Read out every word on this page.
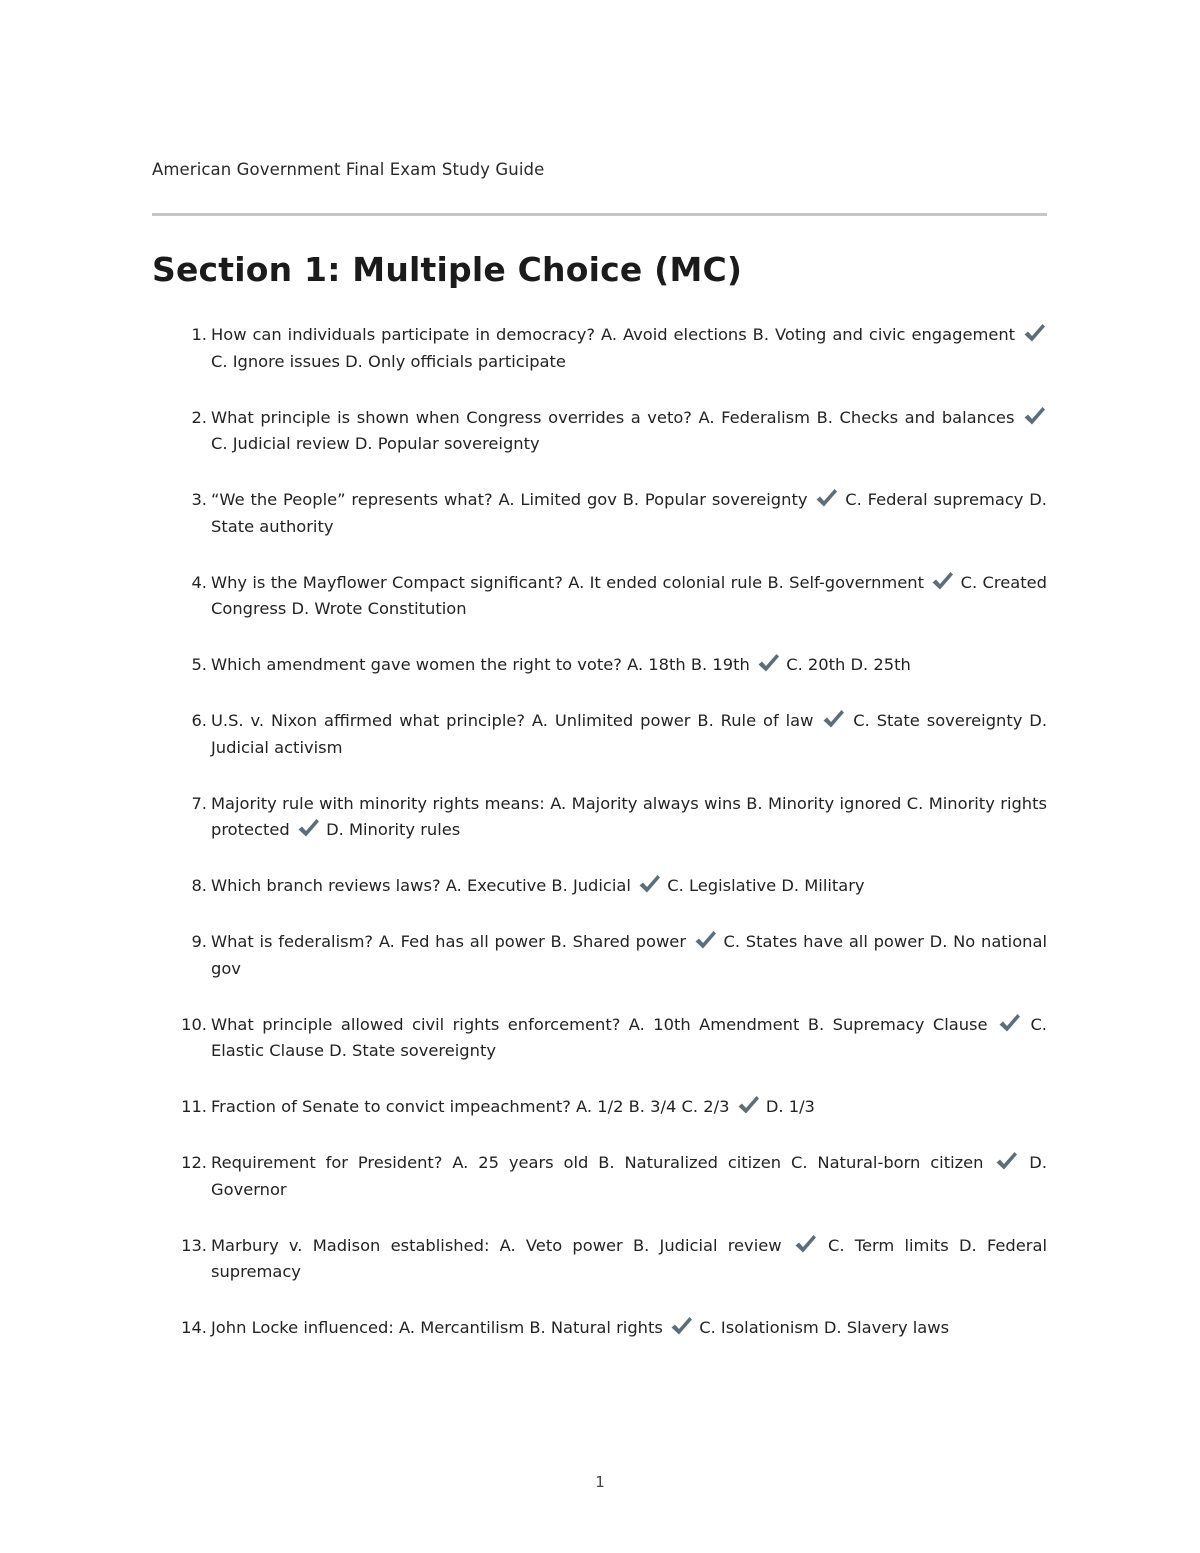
American Government Final Exam Study Guide
Section 1: Multiple Choice (MC)
1. How can individuals participate in democracy? A. Avoid elections B. Voting and civic engagement  C. Ignore issues D. Only officials participate
2. What principle is shown when Congress overrides a veto? A. Federalism B. Checks and balances  C. Judicial review D. Popular sovereignty
3. “We the People” represents what? A. Limited gov B. Popular sovereignty  C. Federal supremacy D. State authority
4. Why is the Mayflower Compact significant? A. It ended colonial rule B. Self-government  C. Created Congress D. Wrote Constitution
5. Which amendment gave women the right to vote? A. 18th B. 19th  C. 20th D. 25th
6. U.S. v. Nixon affirmed what principle? A. Unlimited power B. Rule of law  C. State sovereignty D. Judicial activism
7. Majority rule with minority rights means: A. Majority always wins B. Minority ignored C. Minority rights protected  D. Minority rules
8. Which branch reviews laws? A. Executive B. Judicial  C. Legislative D. Military
9. What is federalism? A. Fed has all power B. Shared power  C. States have all power D. No national gov
10. What principle allowed civil rights enforcement? A. 10th Amendment B. Supremacy Clause  C. Elastic Clause D. State sovereignty
11. Fraction of Senate to convict impeachment? A. 1/2 B. 3/4 C. 2/3  D. 1/3
12. Requirement for President? A. 25 years old B. Naturalized citizen C. Natural-born citizen  D. Governor
13. Marbury v. Madison established: A. Veto power B. Judicial review  C. Term limits D. Federal supremacy
14. John Locke influenced: A. Mercantilism B. Natural rights  C. Isolationism D. Slavery laws
1
